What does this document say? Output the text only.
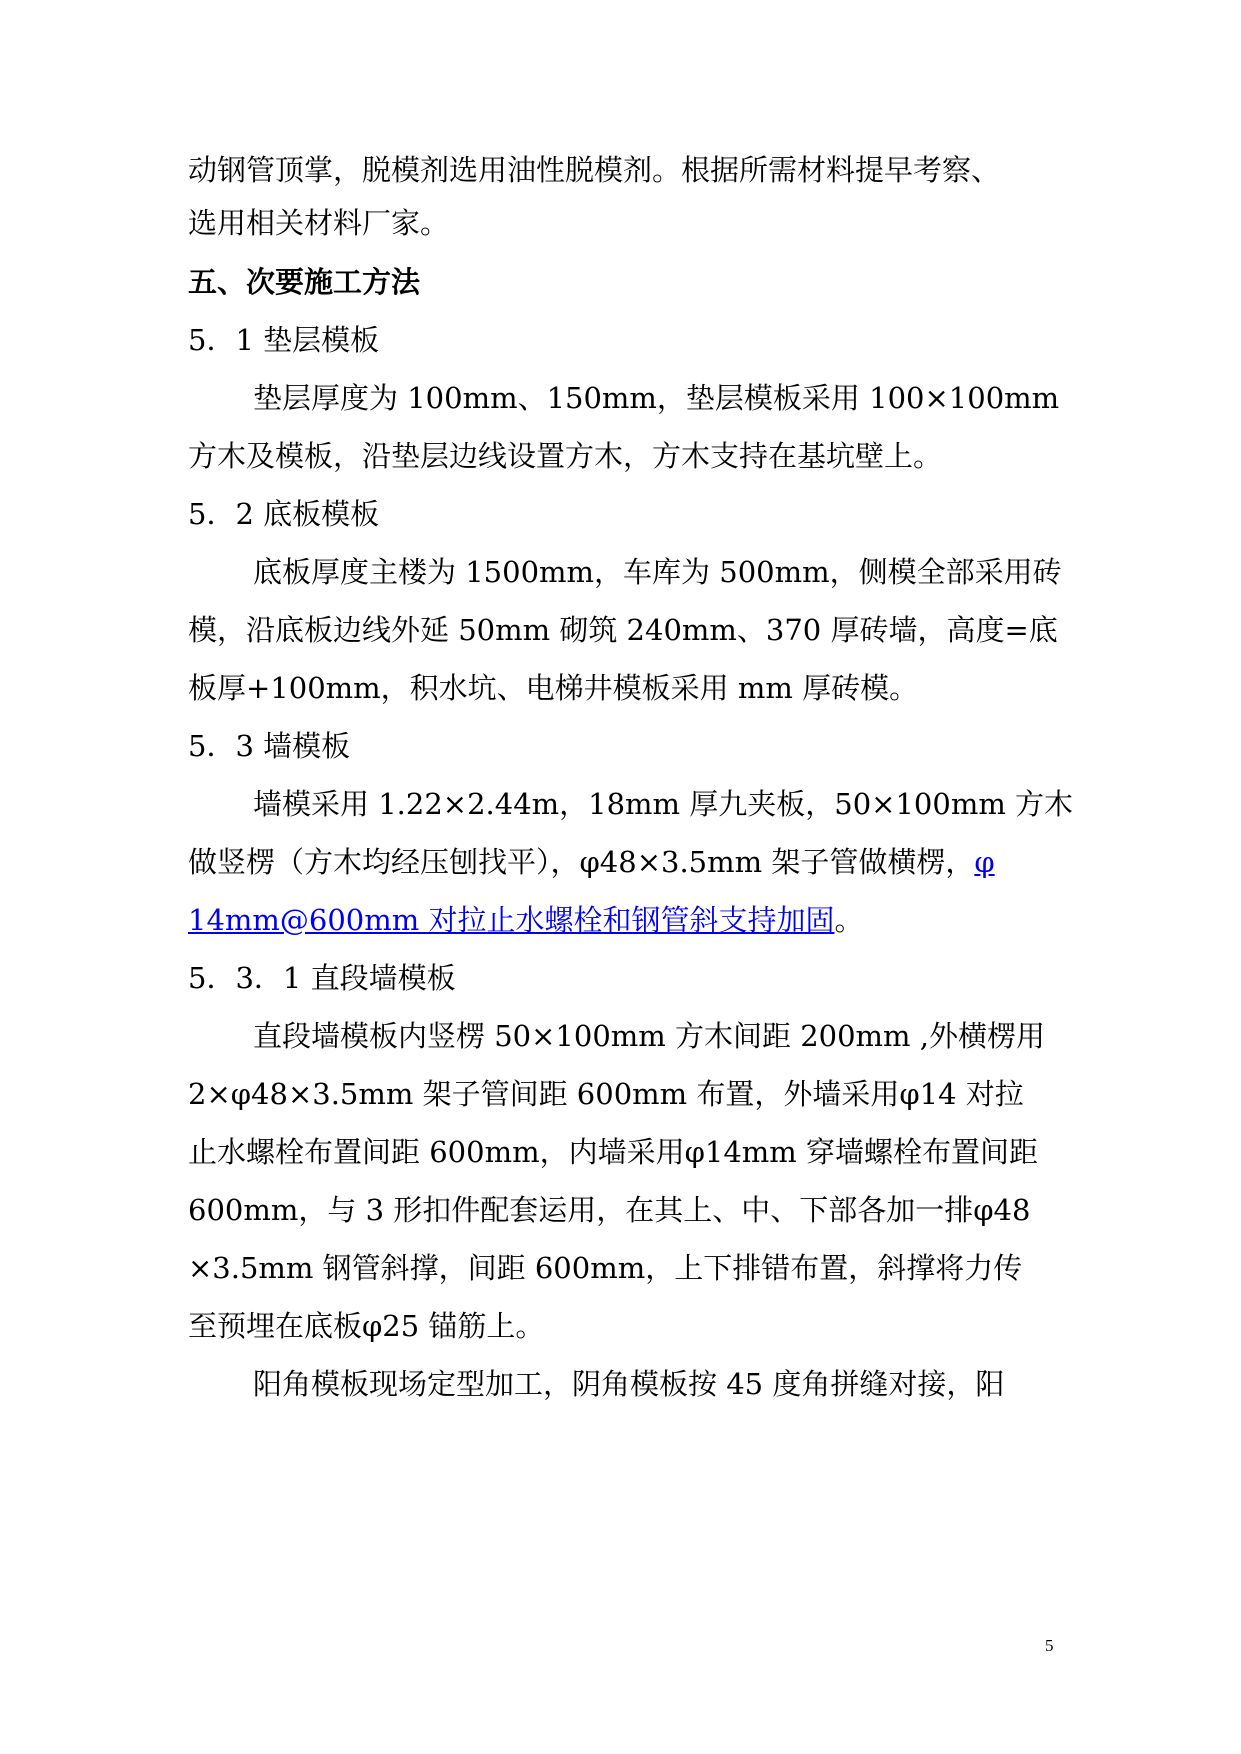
动钢管顶掌，脱模剂选用油性脱模剂。根据所需材料提早考察、
选用相关材料厂家。
五、次要施工方法
5．1 垫层模板
垫层厚度为 100mm、150mm，垫层模板采用 100×100mm
方木及模板，沿垫层边线设置方木，方木支持在基坑壁上。
5．2 底板模板
底板厚度主楼为 1500mm，车库为 500mm，侧模全部采用砖
模，沿底板边线外延 50mm 砌筑 240mm、370 厚砖墙，高度=底
板厚+100mm，积水坑、电梯井模板采用 mm 厚砖模。
5．3 墙模板
墙模采用 1.22×2.44m，18mm 厚九夹板，50×100mm 方木
做竖楞（方木均经压刨找平），φ48×3.5mm 架子管做横楞，φ
14mm@600mm 对拉止水螺栓和钢管斜支持加固。
5．3．1 直段墙模板
直段墙模板内竖楞 50×100mm 方木间距 200mm ,外横楞用
2×φ48×3.5mm 架子管间距 600mm 布置，外墙采用φ14 对拉
止水螺栓布置间距 600mm，内墙采用φ14mm 穿墙螺栓布置间距
600mm，与 3 形扣件配套运用，在其上、中、下部各加一排φ48
×3.5mm 钢管斜撑，间距 600mm，上下排错布置，斜撑将力传
至预埋在底板φ25 锚筋上。
阳角模板现场定型加工，阴角模板按 45 度角拼缝对接，阳
5
